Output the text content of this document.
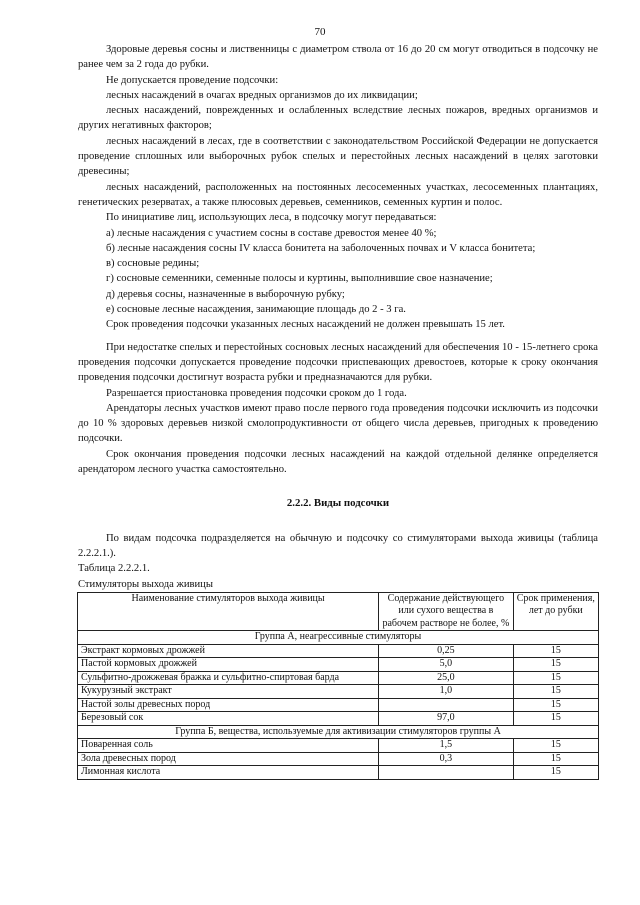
70

Здоровые деревья сосны и лиственницы с диаметром ствола от 16 до 20 см могут отводиться в подсочку не ранее чем за 2 года до рубки.

Не допускается проведение подсочки:

лесных насаждений в очагах вредных организмов до их ликвидации;

лесных насаждений, поврежденных и ослабленных вследствие лесных пожаров, вредных организмов и других негативных факторов;

лесных насаждений в лесах, где в соответствии с законодательством Российской Федерации не допускается проведение сплошных или выборочных рубок спелых и перестойных лесных насаждений в целях заготовки древесины;

лесных насаждений, расположенных на постоянных лесосеменных участках, лесосеменных плантациях, генетических резерватах, а также плюсовых деревьев, семенников, семенных куртин и полос.

По инициативе лиц, использующих леса, в подсочку могут передаваться:

а) лесные насаждения с участием сосны в составе древостоя менее 40 %;

б) лесные насаждения сосны IV класса бонитета на заболоченных почвах и V класса бонитета;

в) сосновые редины;

г) сосновые семенники, семенные полосы и куртины, выполнившие свое назначение;

д) деревья сосны, назначенные в выборочную рубку;

е) сосновые лесные насаждения, занимающие площадь до 2 - 3 га.

Срок проведения подсочки указанных лесных насаждений не должен превышать 15 лет.

При недостатке спелых и перестойных сосновых лесных насаждений для обеспечения 10 - 15-летнего срока проведения подсочки допускается проведение подсочки приспевающих древостоев, которые к сроку окончания проведения подсочки достигнут возраста рубки и предназначаются для рубки.

Разрешается приостановка проведения подсочки сроком до 1 года.

Арендаторы лесных участков имеют право после первого года проведения подсочки исключить из подсочки до 10 % здоровых деревьев низкой смолопродуктивности от общего числа деревьев, пригодных к проведению подсочки.

Срок окончания проведения подсочки лесных насаждений на каждой отдельной делянке определяется арендатором лесного участка самостоятельно.

2.2.2. Виды подсочки

По видам подсочка подразделяется на обычную и подсочку со стимуляторами выхода живицы (таблица 2.2.2.1.).

Таблица 2.2.2.1.

Стимуляторы выхода живицы

Наименование стимуляторов выхода живицы	Содержание действующего или сухого вещества в рабочем растворе не более, %	Срок применения, лет до рубки
Группа А, неагрессивные стимуляторы		
Экстракт кормовых дрожжей	0,25	15
Пастой кормовых дрожжей	5,0	15
Сульфитно-дрожжевая бражка и сульфитно-спиртовая барда	25,0	15
Кукурузный экстракт	1,0	15
Настой золы древесных пород		15
Березовый сок	97,0	15
Группа Б, вещества, используемые для активизации стимуляторов группы А		
Поваренная соль	1,5	15
Зола древесных пород	0,3	15
Лимонная кислота		15
